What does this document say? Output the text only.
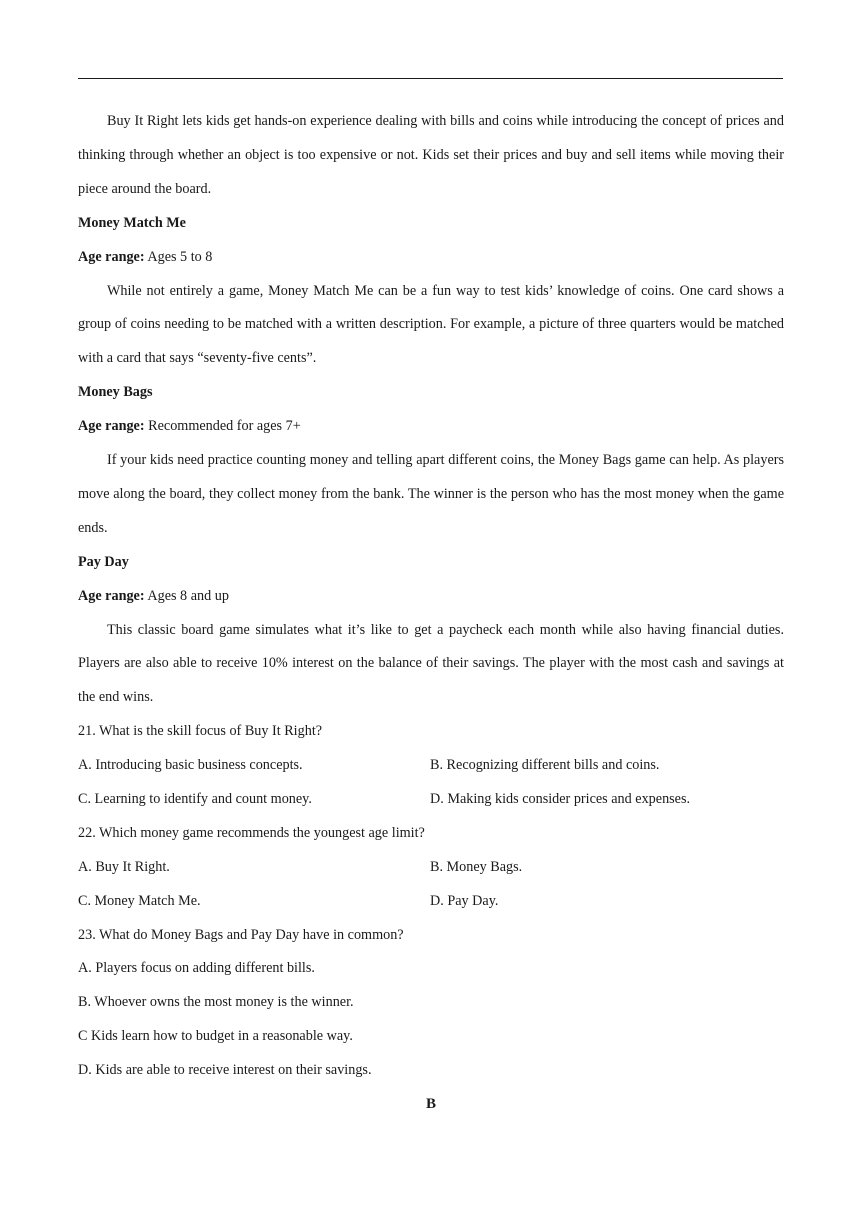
Buy It Right lets kids get hands-on experience dealing with bills and coins while introducing the concept of prices and thinking through whether an object is too expensive or not. Kids set their prices and buy and sell items while moving their piece around the board.
Money Match Me
Age range: Ages 5 to 8
While not entirely a game, Money Match Me can be a fun way to test kids’ knowledge of coins. One card shows a group of coins needing to be matched with a written description. For example, a picture of three quarters would be matched with a card that says “seventy-five cents”.
Money Bags
Age range: Recommended for ages 7+
If your kids need practice counting money and telling apart different coins, the Money Bags game can help. As players move along the board, they collect money from the bank. The winner is the person who has the most money when the game ends.
Pay Day
Age range: Ages 8 and up
This classic board game simulates what it’s like to get a paycheck each month while also having financial duties. Players are also able to receive 10% interest on the balance of their savings. The player with the most cash and savings at the end wins.
21. What is the skill focus of Buy It Right?
A. Introducing basic business concepts.	B. Recognizing different bills and coins.
C. Learning to identify and count money.	D. Making kids consider prices and expenses.
22. Which money game recommends the youngest age limit?
A. Buy It Right.	B. Money Bags.
C. Money Match Me.	D. Pay Day.
23. What do Money Bags and Pay Day have in common?
A. Players focus on adding different bills.
B. Whoever owns the most money is the winner.
C Kids learn how to budget in a reasonable way.
D. Kids are able to receive interest on their savings.
B
